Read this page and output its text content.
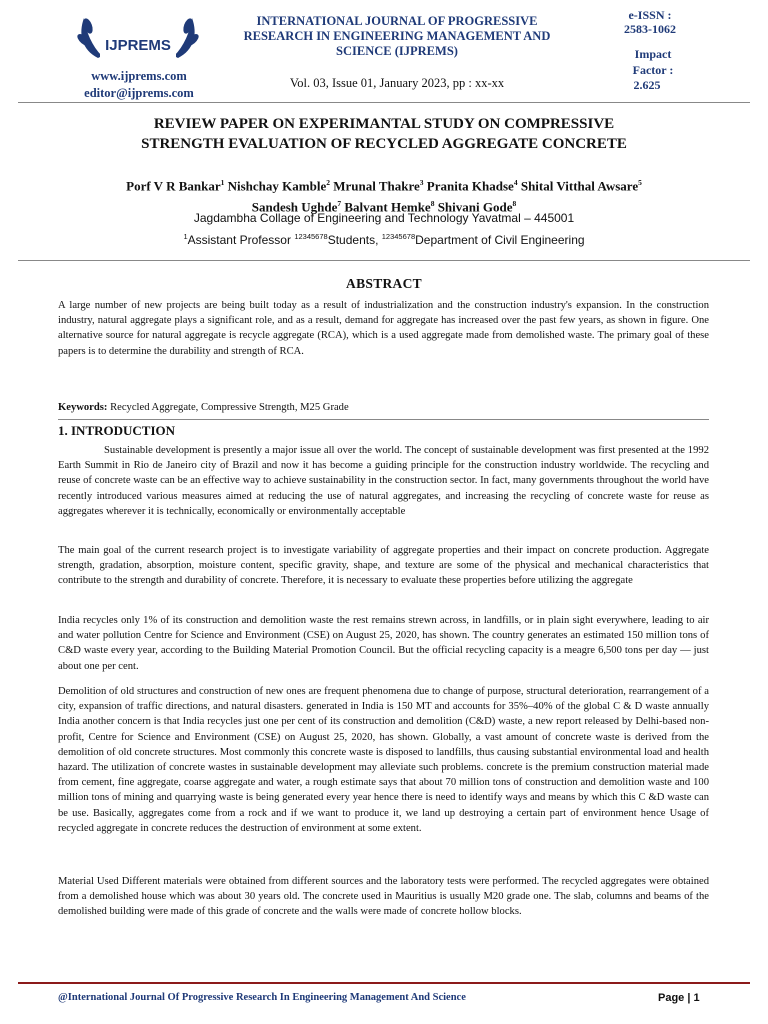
IJPREMS
www.ijprems.com
editor@ijprems.com
INTERNATIONAL JOURNAL OF PROGRESSIVE RESEARCH IN ENGINEERING MANAGEMENT AND SCIENCE (IJPREMS)
Vol. 03, Issue 01, January 2023, pp : xx-xx
e-ISSN :
2583-1062
Impact Factor :
2.625
REVIEW PAPER ON EXPERIMANTAL STUDY ON COMPRESSIVE
STRENGTH EVALUATION OF RECYCLED AGGREGATE CONCRETE
Porf V R Bankar$^1$ Nishchay Kamble$^2$ Mrunal Thakre$^3$ Pranita Khadse$^4$ Shital Vitthal Awsare$^5$
Sandesh Ughde$^7$ Balvant Hemke$^8$ Shivani Gode$^8$
Jagdambha Collage of Engineering and Technology Yavatmal – 445001
$^1$Assistant Professor $^{12345678}$Students, $^{12345678}$Department of Civil Engineering
ABSTRACT
A large number of new projects are being built today as a result of industrialization and the construction industry's expansion. In the construction industry, natural aggregate plays a significant role, and as a result, demand for aggregate has increased over the past few years, as shown in figure. One alternative source for natural aggregate is recycle aggregate (RCA), which is a used aggregate made from demolished waste. The primary goal of these papers is to determine the durability and strength of RCA.
Keywords: Recycled Aggregate, Compressive Strength, M25 Grade
1. INTRODUCTION
Sustainable development is presently a major issue all over the world. The concept of sustainable development was first presented at the 1992 Earth Summit in Rio de Janeiro city of Brazil and now it has become a guiding principle for the construction industry worldwide. The recycling and reuse of concrete waste can be an effective way to achieve sustainability in the construction sector. In fact, many governments throughout the world have recently introduced various measures aimed at reducing the use of natural aggregates, and increasing the recycling of concrete waste for reuse as aggregates wherever it is technically, economically or environmentally acceptable
The main goal of the current research project is to investigate variability of aggregate properties and their impact on concrete production. Aggregate strength, gradation, absorption, moisture content, specific gravity, shape, and texture are some of the physical and mechanical characteristics that contribute to the strength and durability of concrete. Therefore, it is necessary to evaluate these properties before utilizing the aggregate
India recycles only 1% of its construction and demolition waste the rest remains strewn across, in landfills, or in plain sight everywhere, leading to air and water pollution Centre for Science and Environment (CSE) on August 25, 2020, has shown. The country generates an estimated 150 million tons of C&D waste every year, according to the Building Material Promotion Council. But the official recycling capacity is a meagre 6,500 tons per day — just about one per cent.
Demolition of old structures and construction of new ones are frequent phenomena due to change of purpose, structural deterioration, rearrangement of a city, expansion of traffic directions, and natural disasters. generated in India is 150 MT and accounts for 35%–40% of the global C & D waste annually India another concern is that India recycles just one per cent of its construction and demolition (C&D) waste, a new report released by Delhi-based non-profit, Centre for Science and Environment (CSE) on August 25, 2020, has shown. Globally, a vast amount of concrete waste is derived from the demolition of old concrete structures. Most commonly this concrete waste is disposed to landfills, thus causing substantial environmental load and health hazard. The utilization of concrete wastes in sustainable development may alleviate such problems. concrete is the premium construction material made from cement, fine aggregate, coarse aggregate and water, a rough estimate says that about 70 million tons of construction and demolition waste and 100 million tons of mining and quarrying waste is being generated every year hence there is need to identify ways and means by which this C &D waste can be use. Basically, aggregates come from a rock and if we want to produce it, we land up destroying a certain part of environment hence Usage of recycled aggregate in concrete reduces the destruction of environment at some extent.
Material Used Different materials were obtained from different sources and the laboratory tests were performed. The recycled aggregates were obtained from a demolished house which was about 30 years old. The concrete used in Mauritius is usually M20 grade one. The slab, columns and beams of the demolished building were made of this grade of concrete and the walls were made of concrete hollow blocks.
@International Journal Of Progressive Research In Engineering Management And Science	Page | 1
